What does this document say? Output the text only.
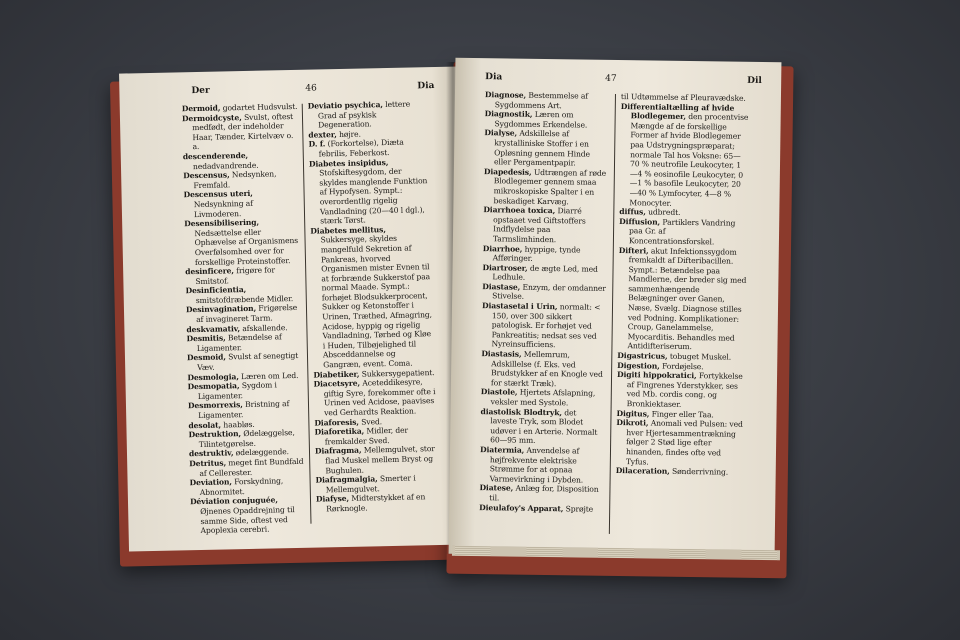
Der	46	Dia

Dermoid, godartet Hudsvulst.

Dermoidcyste, Svulst, oftest medfødt, der indeholder Haar, Tænder, Kirtelvæv o. a.

descenderende, nedadvandrende.

Descensus, Nedsynken, Fremfald.

Descensus uteri, Nedsynkning af Livmoderen.

Desensibilisering, Nedsættelse eller Ophævelse af Organismens Overfølsomhed over for forskellige Proteinstoffer.

desinficere, frigøre for Smitstof.

Desinficientia, smitstofdræbende Midler.

Desinvagination, Frigørelse af invagineret Tarm.

deskvamativ, afskallende.

Desmitis, Betændelse af Ligamenter.

Desmoid, Svulst af senegtigt Væv.

Desmologia, Læren om Led.

Desmopatia, Sygdom i Ligamenter.

Desmorrexis, Bristning af Ligamenter.

desolat, haabløs.

Destruktion, Ødelæggelse, Tilintetgørelse.

destruktiv, ødelæggende.

Detritus, meget fint Bundfald af Cellerester.

Deviation, Forskydning, Abnormitet.

Déviation conjuguée, Øjnenes Opaddrejning til samme Side, oftest ved Apoplexia cerebri.

Deviatio psychica, lettere Grad af psykisk Degeneration.

dexter, højre.

D. f. (Forkortelse), Diæta febrilis, Feberkost.

Diabetes insipidus, Stofskiftesygdom, der skyldes manglende Funktion af Hypofysen. Sympt.: overordentlig rigelig Vandladning (20—40 l dgl.), stærk Tørst.

Diabetes mellitus, Sukkersyge, skyldes mangelfuld Sekretion af Pankreas, hvorved Organismen mister Evnen til at forbrænde Sukkerstof paa normal Maade. Sympt.: forhøjet Blodsukkerprocent, Sukker og Ketonstoffer i Urinen, Træthed, Afmagring, Acidose, hyppig og rigelig Vandladning, Tørhed og Kløe i Huden, Tilbøjelighed til Absceddannelse og Gangræn, event. Coma.

Diabetiker, Sukkersygepatient.

Diacetsyre, Aceteddikesyre, giftig Syre, forekommer ofte i Urinen ved Acidose, paavises ved Gerhardts Reaktion.

Diaforesis, Sved.

Diaforetika, Midler, der fremkalder Sved.

Diafragma, Mellemgulvet, stor flad Muskel mellem Bryst og Bughulen.

Diafragmalgia, Smerter i Mellemgulvet.

Diafyse, Midterstykket af en Rørknogle.

Dia	47	Dil

Diagnose, Bestemmelse af Sygdommens Art.

Diagnostik, Læren om Sygdommes Erkendelse.

Dialyse, Adskillelse af krystalliniske Stoffer i en Opløsning gennem Hinde eller Pergamentpapir.

Diapedesis, Udtrængen af røde Blodlegemer gennem smaa mikroskopiske Spalter i en beskadiget Karvæg.

Diarrhoea toxica, Diarré opstaaet ved Giftstoffers Indflydelse paa Tarmslimhinden.

Diarrhoe, hyppige, tynde Afføringer.

Diartroser, de ægte Led, med Ledhule.

Diastase, Enzym, der omdanner Stivelse.

Diastasetal i Urin, normalt: < 150, over 300 sikkert patologisk. Er forhøjet ved Pankreatitis; nedsat ses ved Nyreinsufficiens.

Diastasis, Mellemrum, Adskillelse (f. Eks. ved Brudstykker af en Knogle ved for stærkt Træk).

Diastole, Hjertets Afslapning, veksler med Systole.

diastolisk Blodtryk, det laveste Tryk, som Blodet udøver i en Arterie. Normalt 60—95 mm.

Diatermia, Anvendelse af højfrekvente elektriske Strømme for at opnaa Varmevirkning i Dybden.

Diatese, Anlæg for, Disposition til.

Dieulafoy's Apparat, Sprøjte

til Udtømmelse af Pleuravædske.

Differentialtælling af hvide Blodlegemer, den procentvise Mængde af de forskellige Former af hvide Blodlegemer paa Udstrygningspræparat; normale Tal hos Voksne: 65—70 % neutrofile Leukocyter, 1—4 % eosinofile Leukocyter, 0—1 % basofile Leukocyter, 20—40 % Lymfocyter, 4—8 % Monocyter.

diffus, udbredt.

Diffusion, Partiklers Vandring paa Gr. af Koncentrationsforskel.

Difteri, akut Infektionssygdom fremkaldt af Difteribacillen. Sympt.: Betændelse paa Mandlerne, der breder sig med sammenhængende Belægninger over Ganen, Næse, Svælg. Diagnose stilles ved Podning. Komplikationer: Croup, Ganelammelse, Myocarditis. Behandles med Antidifteriserum.

Digastricus, tobuget Muskel.

Digestion, Fordøjelse.

Digiti hippokratici, Fortykkelse af Fingrenes Yderstykker, ses ved Mb. cordis cong. og Bronkiektaser.

Digitus, Finger eller Taa.

Dikroti, Anomali ved Pulsen: ved hver Hjertesammentrækning følger 2 Stød lige efter hinanden, findes ofte ved Tyfus.

Dilaceration, Sønderrivning.
